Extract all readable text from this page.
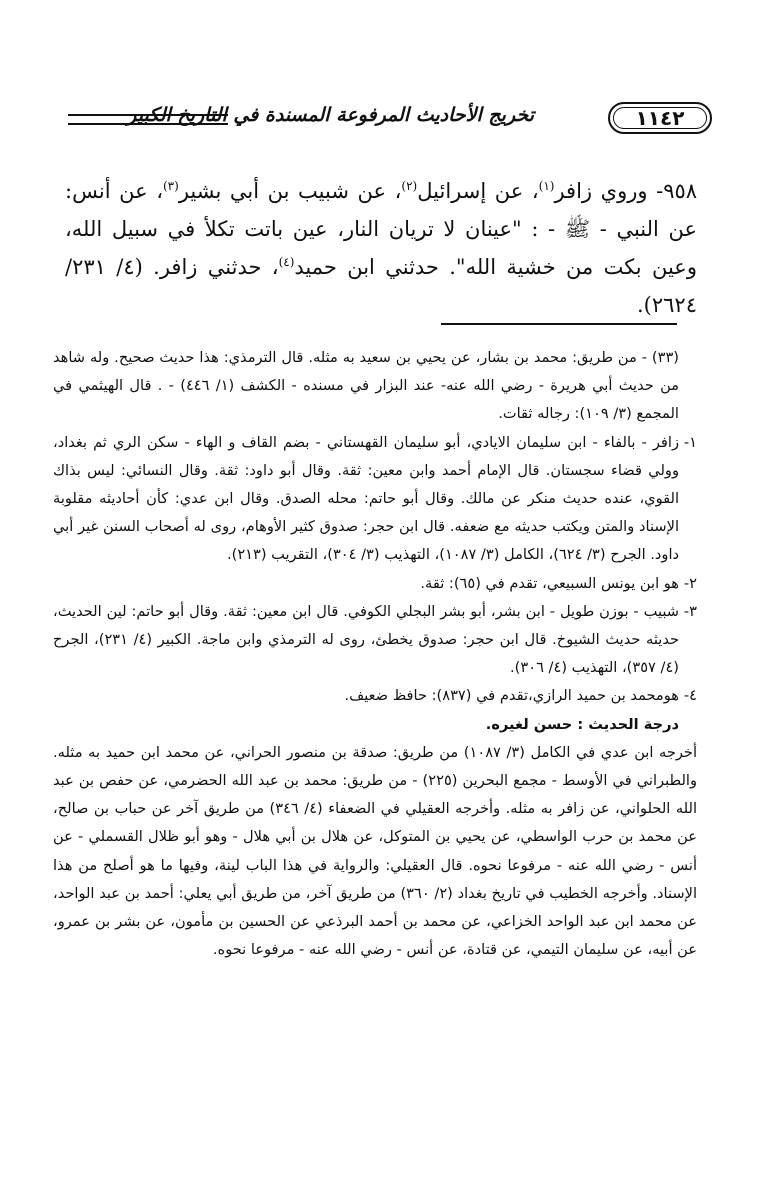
١١٤٢
تخريج الأحاديث المرفوعة المسندة في التاريخ الكبير
٩٥٨- وروي زافر$^{(١)}$، عن إسرائيل$^{(٢)}$، عن شبيب بن أبي بشير$^{(٣)}$، عن أنس: عن النبي - ﷺ - : "عينان لا تريان النار، عين باتت تكلأ في سبيل الله، وعين بكت من خشية الله". حدثني ابن حميد$^{(٤)}$، حدثني زافر. (٤/ ٢٣١/ ٢٦٢٤).

(٣٣) - من طريق: محمد بن بشار، عن يحيي بن سعيد به مثله. قال الترمذي: هذا حديث صحيح. وله شاهد من حديث أبي هريرة - رضي الله عنه- عند البزار في مسنده - الكشف (١/ ٤٤٦) - . قال الهيثمي في المجمع (٣/ ١٠٩): رجاله ثقات.

١-
زافر - بالفاء - ابن سليمان الايادي، أبو سليمان القهستاني - بضم القاف و الهاء - سكن الري ثم بغداد، وولي قضاء سجستان. قال الإمام أحمد وابن معين: ثقة. وقال أبو داود: ثقة. وقال النسائي: ليس بذاك القوي، عنده حديث منكر عن مالك. وقال أبو حاتم: محله الصدق. وقال ابن عدي: كأن أحاديثه مقلوبة الإسناد والمتن ويكتب حديثه مع ضعفه. قال ابن حجر: صدوق كثير الأوهام، روى له أصحاب السنن غير أبي داود. الجرح (٣/ ٦٢٤)، الكامل (٣/ ١٠٨٧)، التهذيب (٣/ ٣٠٤)، التقريب (٢١٣).

٢-
هو ابن يونس السبيعي، تقدم في (٦٥): ثقة.

٣-
شبيب - بوزن طويل - ابن بشر، أبو بشر البجلي الكوفي. قال ابن معين: ثقة. وقال أبو حاتم: لين الحديث، حديثه حديث الشيوخ. قال ابن حجر: صدوق يخطئ، روى له الترمذي وابن ماجة. الكبير (٤/ ٢٣١)، الجرح (٤/ ٣٥٧)، التهذيب (٤/ ٣٠٦).

٤-
هومحمد بن حميد الرازي،تقدم في (٨٣٧): حافظ ضعيف.

درجة الحديث : حسن لغيره.

أخرجه ابن عدي في الكامل (٣/ ١٠٨٧) من طريق: صدقة بن منصور الحراني، عن محمد ابن حميد به مثله. والطبراني في الأوسط - مجمع البحرين (٢٢٥) - من طريق: محمد بن عبد الله الحضرمي، عن حفص بن عبد الله الحلواني، عن زافر به مثله. وأخرجه العقيلي في الضعفاء (٤/ ٣٤٦) من طريق آخر عن حباب بن صالح، عن محمد بن حرب الواسطي، عن يحيي بن المتوكل، عن هلال بن أبي هلال - وهو أبو ظلال القسملي - عن أنس - رضي الله عنه - مرفوعا نحوه. قال العقيلي: والرواية في هذا الباب لينة، وفيها ما هو أصلح من هذا الإسناد. وأخرجه الخطيب في تاريخ بغداد (٢/ ٣٦٠) من طريق آخر، من طريق أبي يعلي: أحمد بن عبد الواحد، عن محمد ابن عبد الواحد الخزاعي، عن محمد بن أحمد البرذعي عن الحسين بن مأمون، عن بشر بن عمرو، عن أبيه، عن سليمان التيمي، عن قتادة، عن أنس - رضي الله عنه - مرفوعا نحوه.
